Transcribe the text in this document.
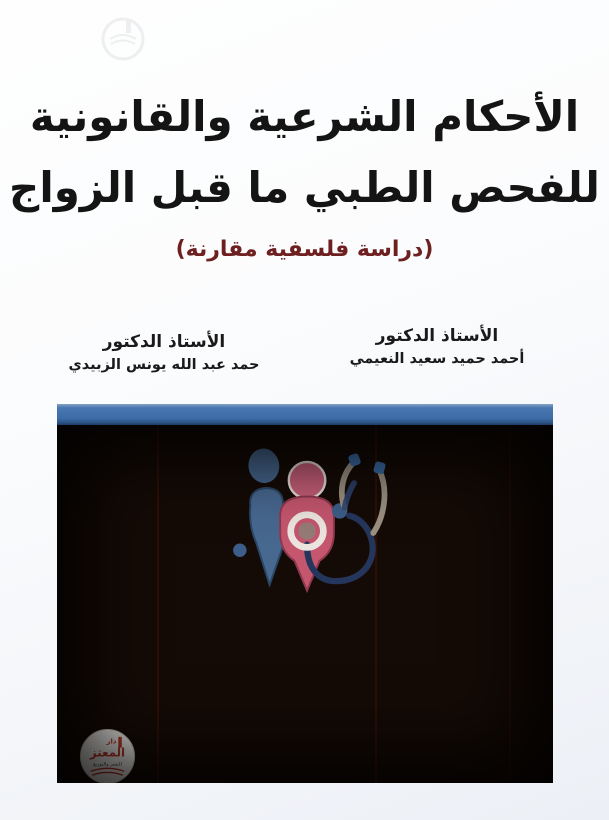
الأحكام الشرعية والقانونية
للفحص الطبي ما قبل الزواج
(دراسة فلسفية مقارنة)
الأستاذ الدكتور
أحمد حميد سعيد النعيمي
الأستاذ الدكتور
حمد عبد الله يونس الزبيدي
دار
المعتز
للنشر والتوزيع
